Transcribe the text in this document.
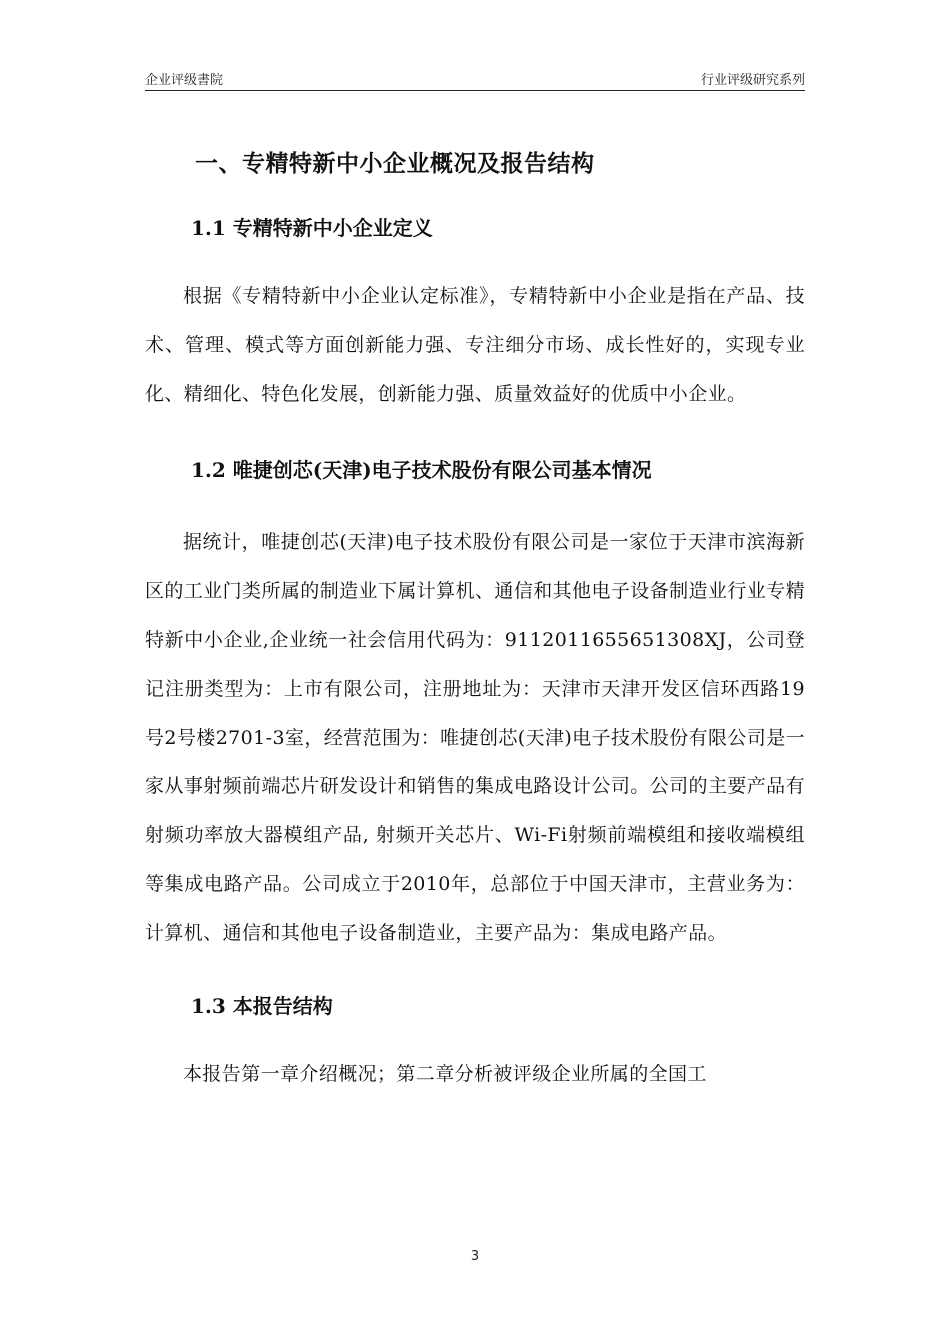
企业评级書院	行业评级研究系列
一、专精特新中小企业概况及报告结构
1.1 专精特新中小企业定义

根据《专精特新中小企业认定标准》，专精特新中小企业是指在产品、技术、管理、模式等方面创新能力强、专注细分市场、成长性好的，实现专业化、精细化、特色化发展，创新能力强、质量效益好的优质中小企业。

1.2 唯捷创芯(天津)电子技术股份有限公司基本情况

据统计，唯捷创芯(天津)电子技术股份有限公司是一家位于天津市滨海新区的工业门类所属的制造业下属计算机、通信和其他电子设备制造业行业专精特新中小企业,企业统一社会信用代码为：9112011655651308XJ，公司登记注册类型为：上市有限公司，注册地址为：天津市天津开发区信环西路19号2号楼2701-3室，经营范围为：唯捷创芯(天津)电子技术股份有限公司是一家从事射频前端芯片研发设计和销售的集成电路设计公司。公司的主要产品有射频功率放大器模组产品, 射频开关芯片、Wi-Fi射频前端模组和接收端模组等集成电路产品。公司成立于2010年，总部位于中国天津市，主营业务为：计算机、通信和其他电子设备制造业，主要产品为：集成电路产品。

1.3 本报告结构

本报告第一章介绍概况；第二章分析被评级企业所属的全国工

3
